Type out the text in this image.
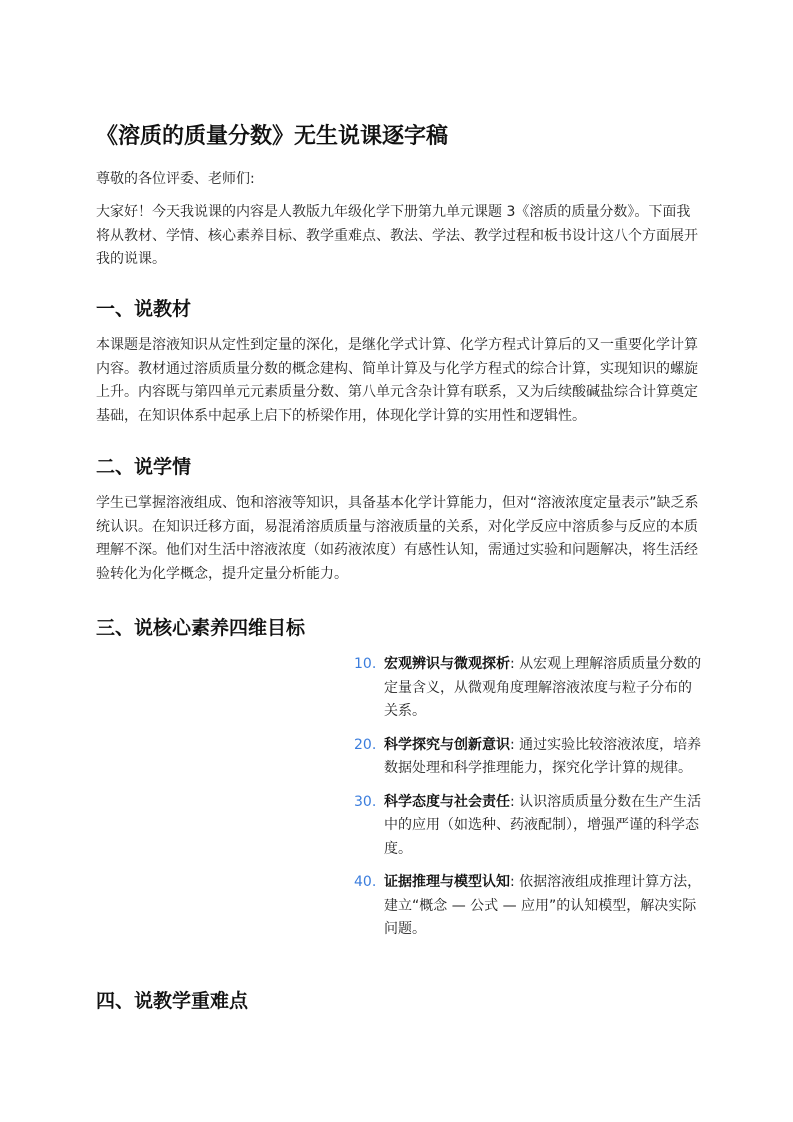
《溶质的质量分数》无生说课逐字稿

尊敬的各位评委、老师们:

大家好！今天我说课的内容是人教版九年级化学下册第九单元课题 3《溶质的质量分数》。下面我将从教材、学情、核心素养目标、教学重难点、教法、学法、教学过程和板书设计这八个方面展开我的说课。

一、说教材

本课题是溶液知识从定性到定量的深化，是继化学式计算、化学方程式计算后的又一重要化学计算内容。教材通过溶质质量分数的概念建构、简单计算及与化学方程式的综合计算，实现知识的螺旋上升。内容既与第四单元元素质量分数、第八单元含杂计算有联系，又为后续酸碱盐综合计算奠定基础，在知识体系中起承上启下的桥梁作用，体现化学计算的实用性和逻辑性。

二、说学情

学生已掌握溶液组成、饱和溶液等知识，具备基本化学计算能力，但对“溶液浓度定量表示”缺乏系统认识。在知识迁移方面，易混淆溶质质量与溶液质量的关系，对化学反应中溶质参与反应的本质理解不深。他们对生活中溶液浓度（如药液浓度）有感性认知，需通过实验和问题解决，将生活经验转化为化学概念，提升定量分析能力。

三、说核心素养四维目标
10. 宏观辨识与微观探析: 从宏观上理解溶质质量分数的定量含义，从微观角度理解溶液浓度与粒子分布的关系。
20. 科学探究与创新意识: 通过实验比较溶液浓度，培养数据处理和科学推理能力，探究化学计算的规律。
30. 科学态度与社会责任: 认识溶质质量分数在生产生活中的应用（如选种、药液配制），增强严谨的科学态度。
40. 证据推理与模型认知: 依据溶液组成推理计算方法，建立“概念 — 公式 — 应用”的认知模型，解决实际问题。
四、说教学重难点
